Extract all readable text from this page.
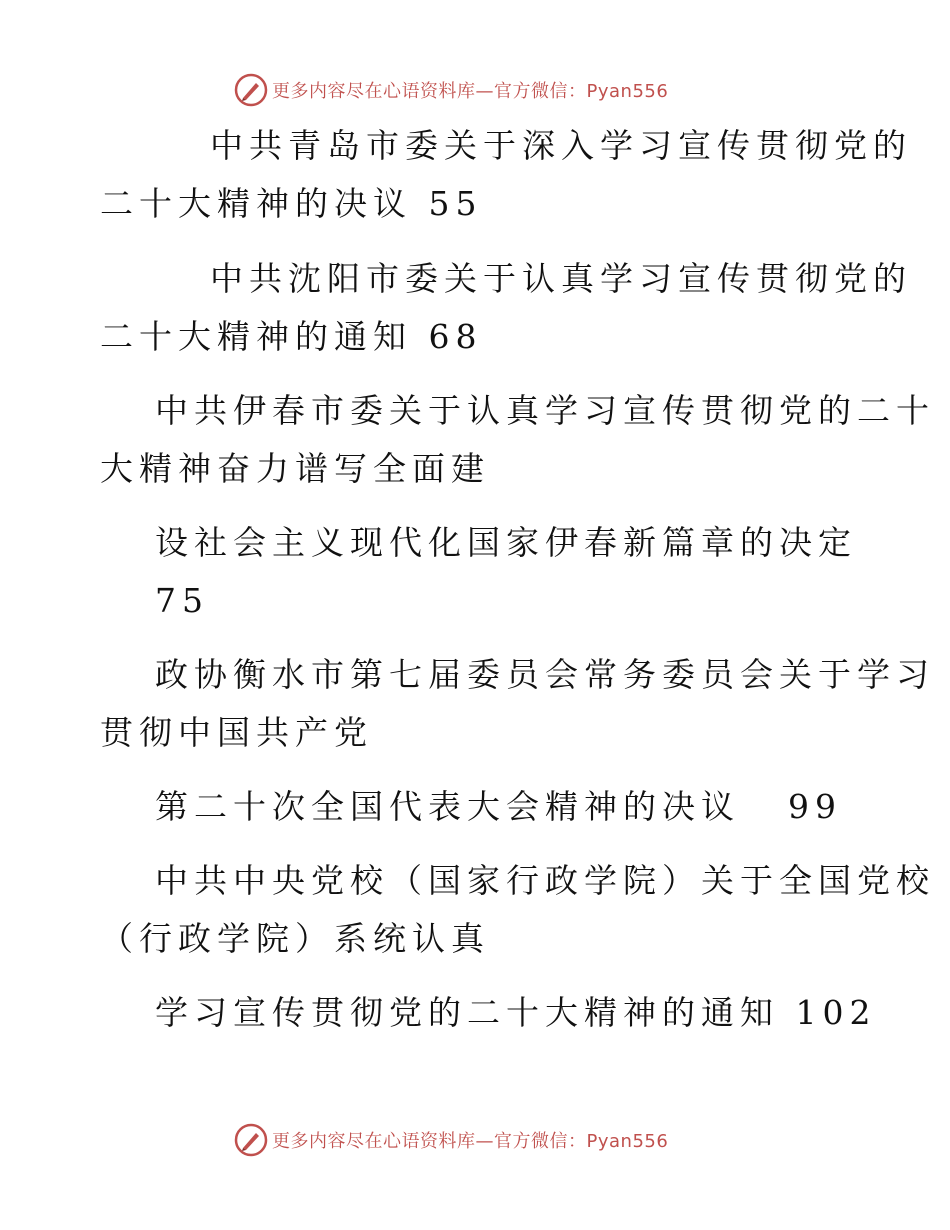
更多内容尽在心语资料库—官方微信：Pyan556
中共青岛市委关于深入学习宣传贯彻党的
二十大精神的决议 55
中共沈阳市委关于认真学习宣传贯彻党的
二十大精神的通知 68
中共伊春市委关于认真学习宣传贯彻党的二十
大精神奋力谱写全面建
设社会主义现代化国家伊春新篇章的决定
75
政协衡水市第七届委员会常务委员会关于学习
贯彻中国共产党
第二十次全国代表大会精神的决议 99
中共中央党校（国家行政学院）关于全国党校
（行政学院）系统认真
学习宣传贯彻党的二十大精神的通知 102
更多内容尽在心语资料库—官方微信：Pyan556
